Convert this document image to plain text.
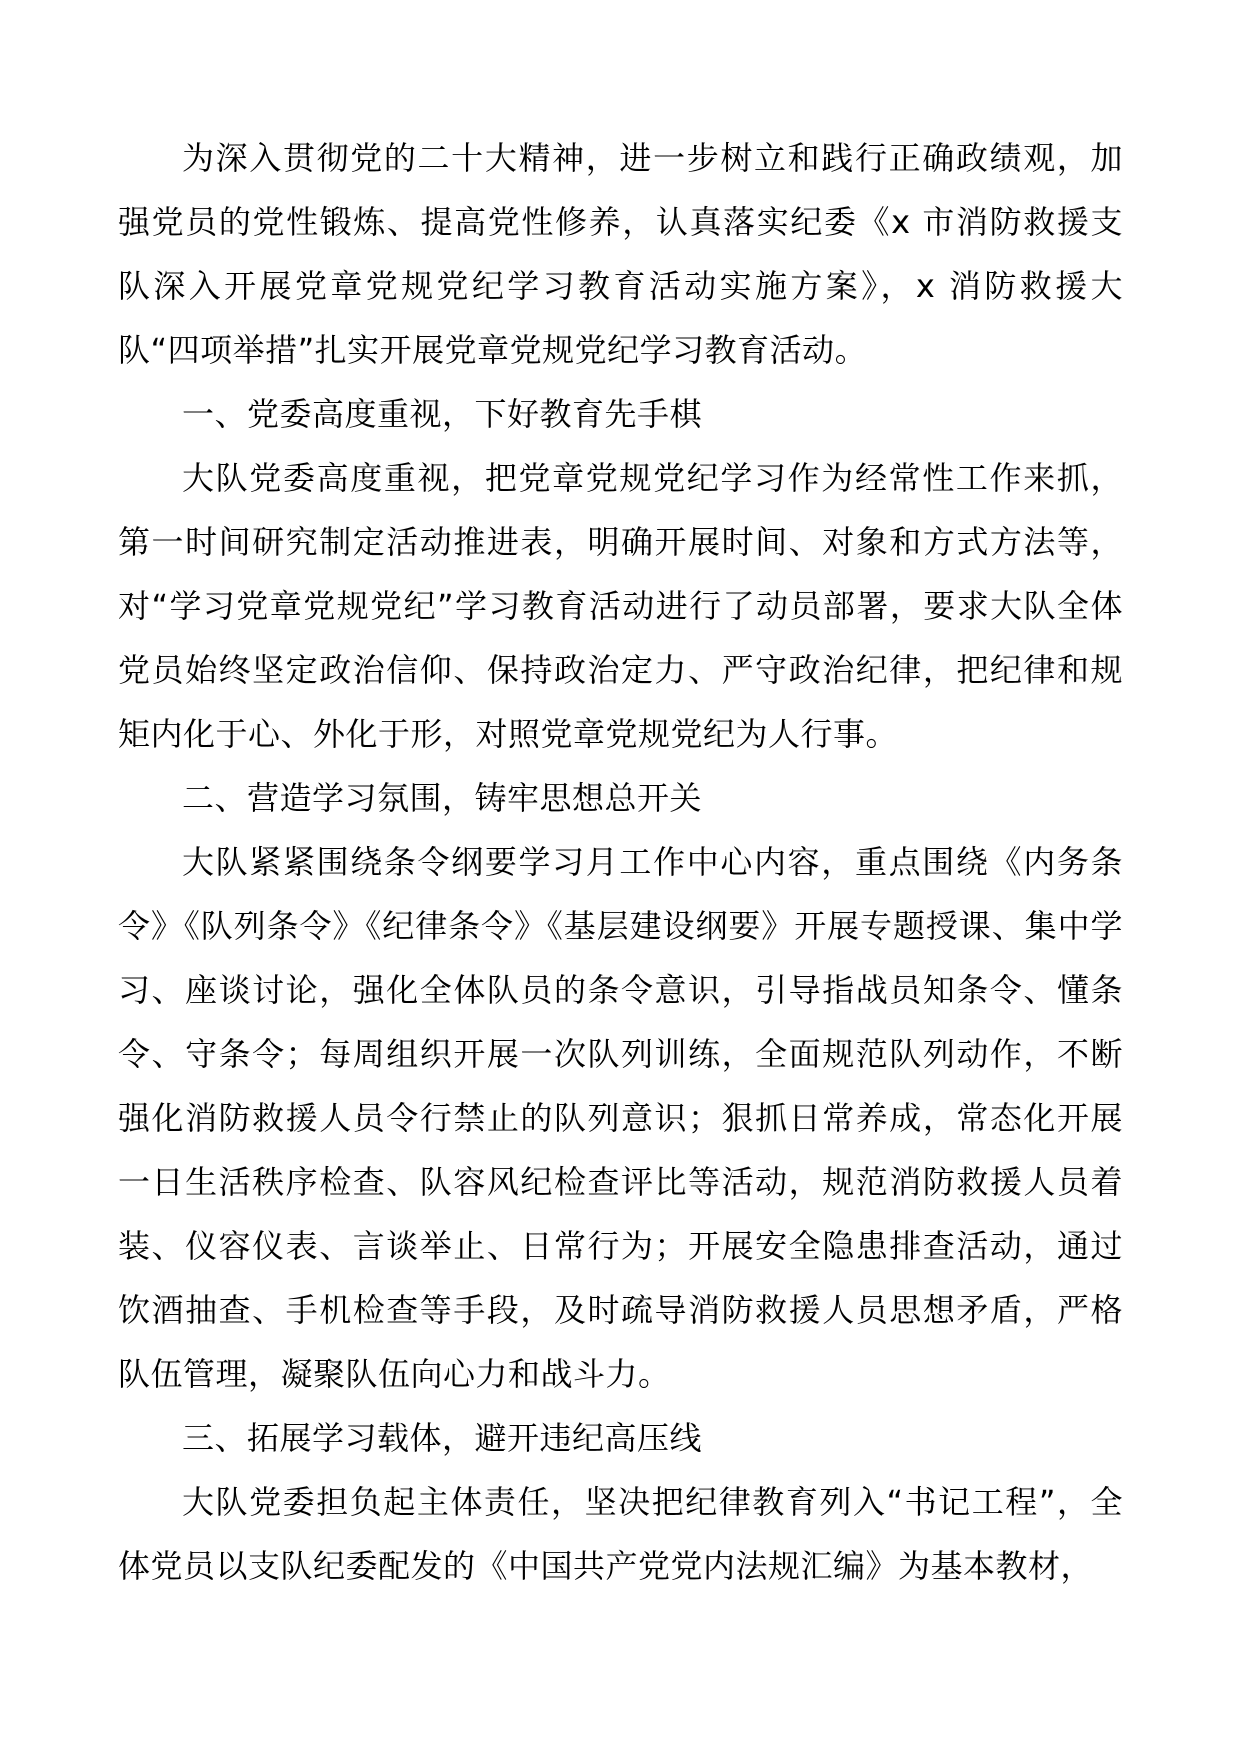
为深入贯彻党的二十大精神，进一步树立和践行正确政绩观，加强党员的党性锻炼、提高党性修养，认真落实纪委《x 市消防救援支队深入开展党章党规党纪学习教育活动实施方案》，x 消防救援大队“四项举措”扎实开展党章党规党纪学习教育活动。

一、党委高度重视，下好教育先手棋

大队党委高度重视，把党章党规党纪学习作为经常性工作来抓，第一时间研究制定活动推进表，明确开展时间、对象和方式方法等，对“学习党章党规党纪”学习教育活动进行了动员部署，要求大队全体党员始终坚定政治信仰、保持政治定力、严守政治纪律，把纪律和规矩内化于心、外化于形，对照党章党规党纪为人行事。

二、营造学习氛围，铸牢思想总开关

大队紧紧围绕条令纲要学习月工作中心内容，重点围绕《内务条令》《队列条令》《纪律条令》《基层建设纲要》开展专题授课、集中学习、座谈讨论，强化全体队员的条令意识，引导指战员知条令、懂条令、守条令；每周组织开展一次队列训练，全面规范队列动作，不断强化消防救援人员令行禁止的队列意识；狠抓日常养成，常态化开展一日生活秩序检查、队容风纪检查评比等活动，规范消防救援人员着装、仪容仪表、言谈举止、日常行为；开展安全隐患排查活动，通过饮酒抽查、手机检查等手段，及时疏导消防救援人员思想矛盾，严格队伍管理，凝聚队伍向心力和战斗力。

三、拓展学习载体，避开违纪高压线

大队党委担负起主体责任，坚决把纪律教育列入“书记工程”，全体党员以支队纪委配发的《中国共产党党内法规汇编》为基本教材，
